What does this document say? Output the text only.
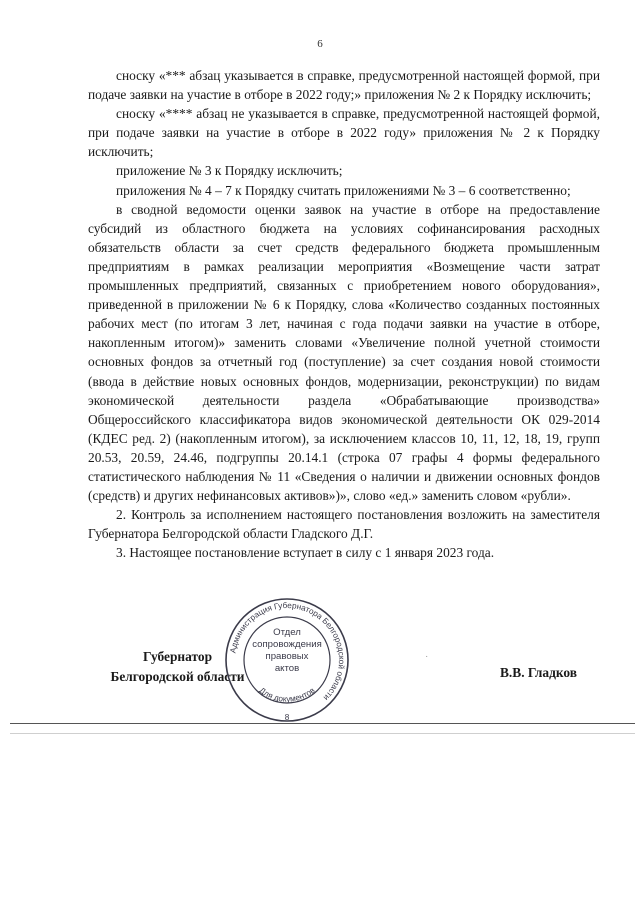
6

сноску «*** абзац указывается в справке, предусмотренной настоящей формой, при подаче заявки на участие в отборе в 2022 году;» приложения № 2 к Порядку исключить;

сноску «**** абзац не указывается в справке, предусмотренной настоящей формой, при подаче заявки на участие в отборе в 2022 году» приложения № 2 к Порядку исключить;

приложение № 3 к Порядку исключить;

приложения № 4 – 7 к Порядку считать приложениями № 3 – 6 соответственно;

в сводной ведомости оценки заявок на участие в отборе на предоставление субсидий из областного бюджета на условиях софинансирования расходных обязательств области за счет средств федерального бюджета промышленным предприятиям в рамках реализации мероприятия «Возмещение части затрат промышленных предприятий, связанных с приобретением нового оборудования», приведенной в приложении № 6 к Порядку, слова «Количество созданных постоянных рабочих мест (по итогам 3 лет, начиная с года подачи заявки на участие в отборе, накопленным итогом)» заменить словами «Увеличение полной учетной стоимости основных фондов за отчетный год (поступление) за счет создания новой стоимости (ввода в действие новых основных фондов, модернизации, реконструкции) по видам экономической деятельности раздела «Обрабатывающие производства» Общероссийского классификатора видов экономической деятельности ОК 029-2014 (КДЕС ред. 2) (накопленным итогом), за исключением классов 10, 11, 12, 18, 19, групп 20.53, 20.59, 24.46, подгруппы 20.14.1 (строка 07 графы 4 формы федерального статистического наблюдения № 11 «Сведения о наличии и движении основных фондов (средств) и других нефинансовых активов»)», слово «ед.» заменить словом «рубли».

2. Контроль за исполнением настоящего постановления возложить на заместителя Губернатора Белгородской области Гладского Д.Г.

3. Настоящее постановление вступает в силу с 1 января 2023 года.

Губернатор
Белгородской области
Администрация Губернатора Белгородской области
Для документов
8
Отдел
сопровождения
правовых
актов	В.В. Гладков
˙
